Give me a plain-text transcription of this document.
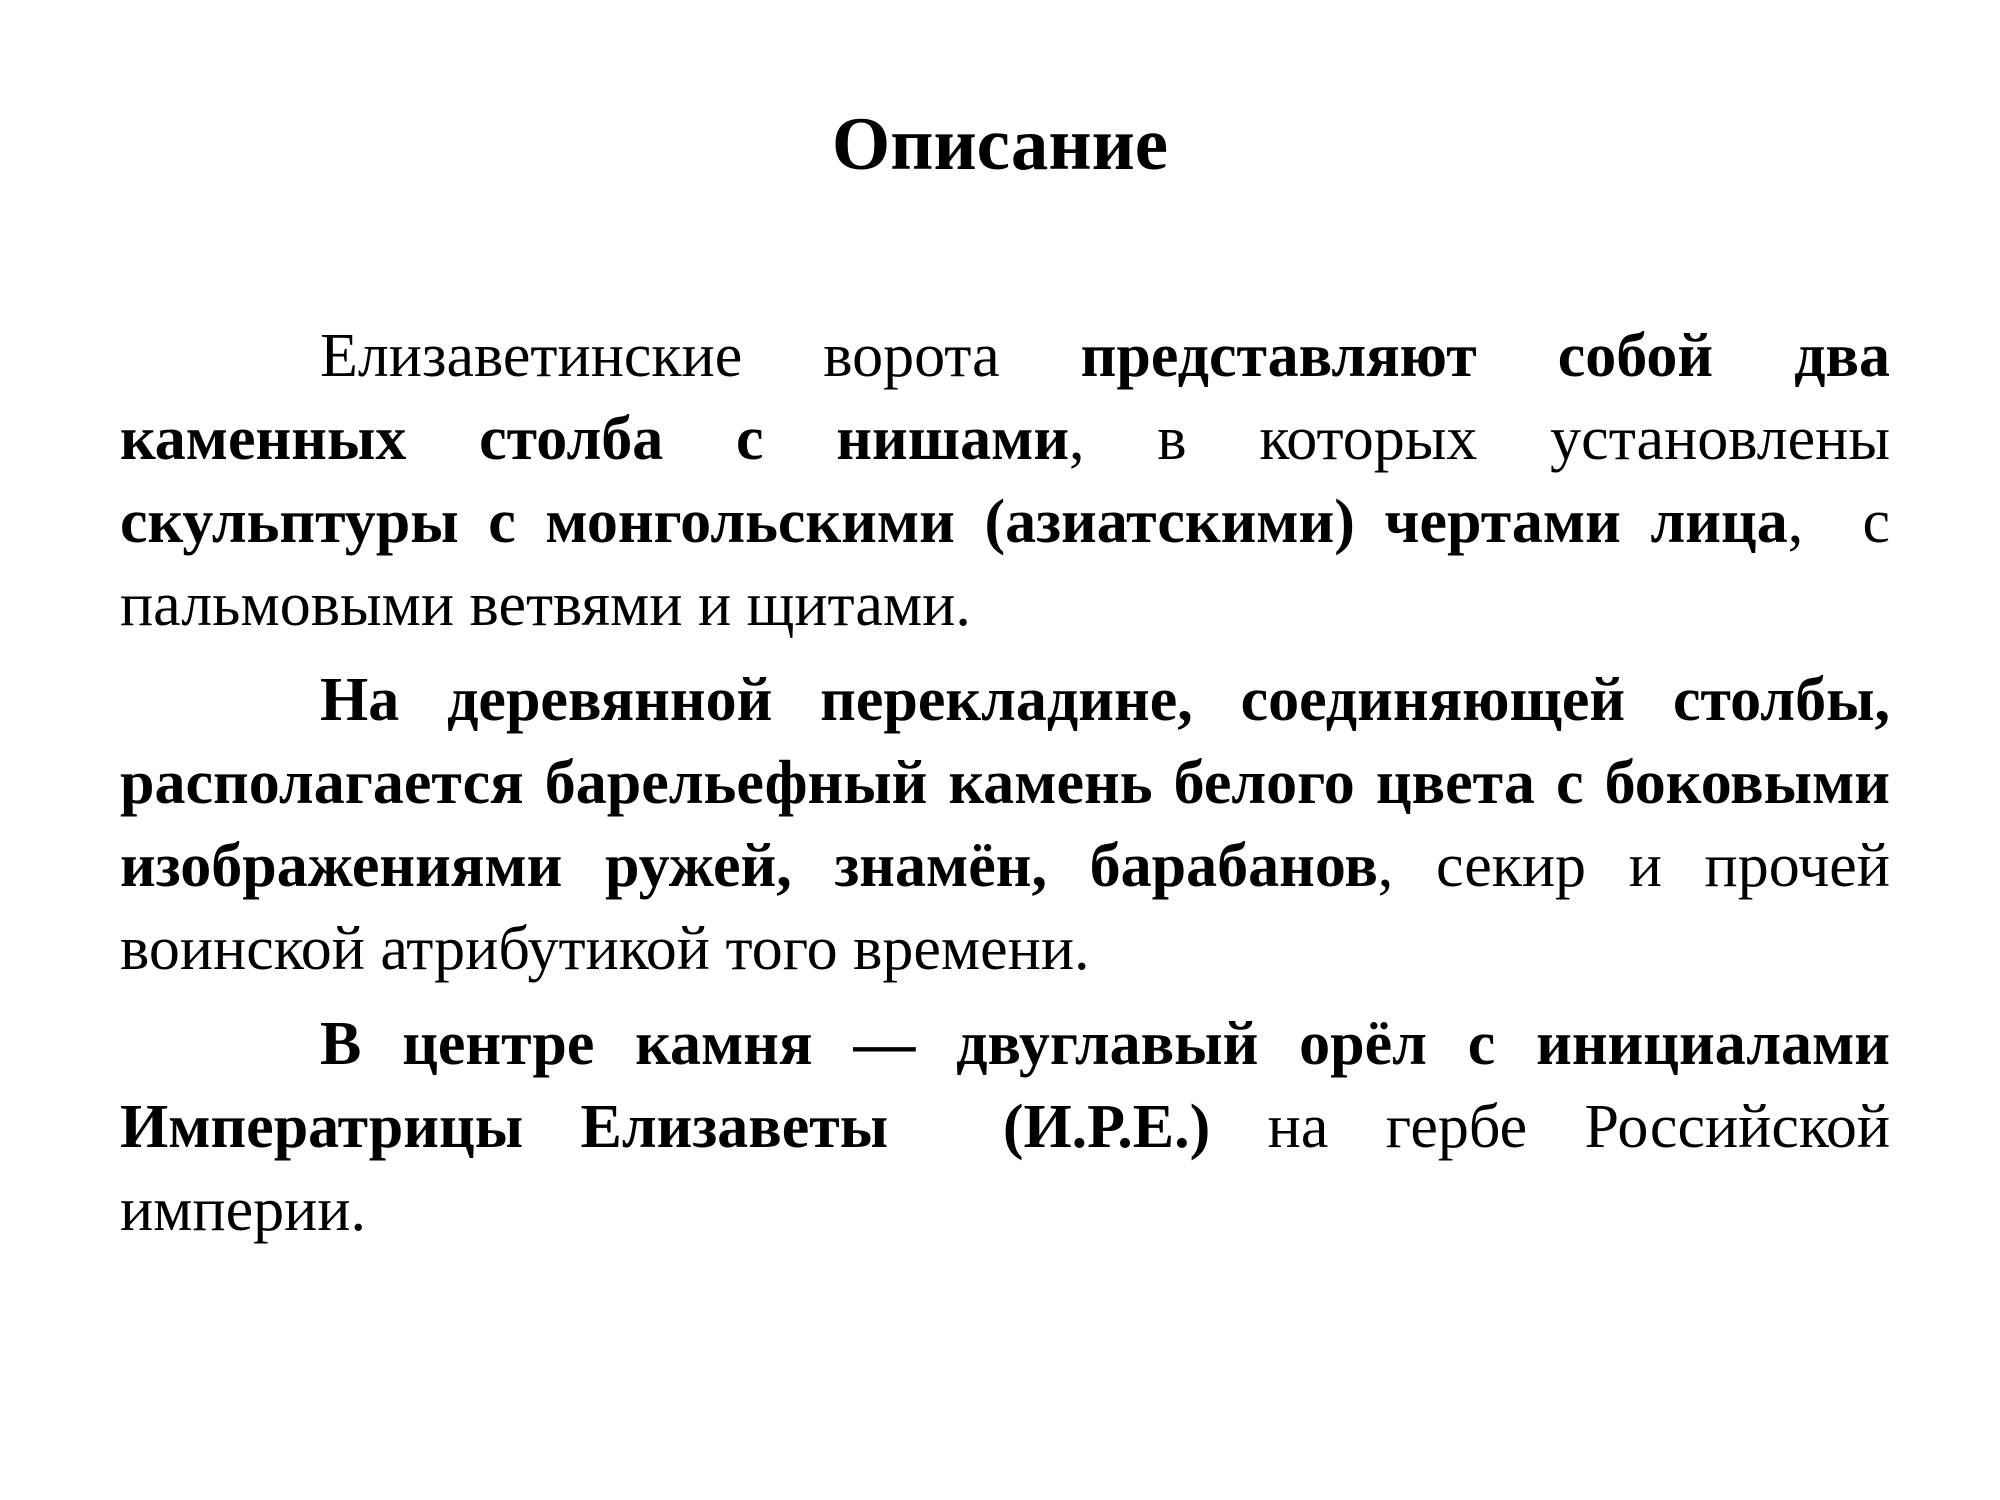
Описание

Елизаветинские ворота представляют собой два каменных столба с нишами, в которых установлены скульптуры с монгольскими (азиатскими) чертами лица,  с пальмовыми ветвями и щитами.

На деревянной перекладине, соединяющей столбы, располагается барельефный камень белого цвета с боковыми изображениями ружей, знамён, барабанов, секир и прочей воинской атрибутикой того времени.

В центре камня — двуглавый орёл с инициалами  Императрицы Елизаветы  (И.Р.Е.) на гербе Российской империи.
